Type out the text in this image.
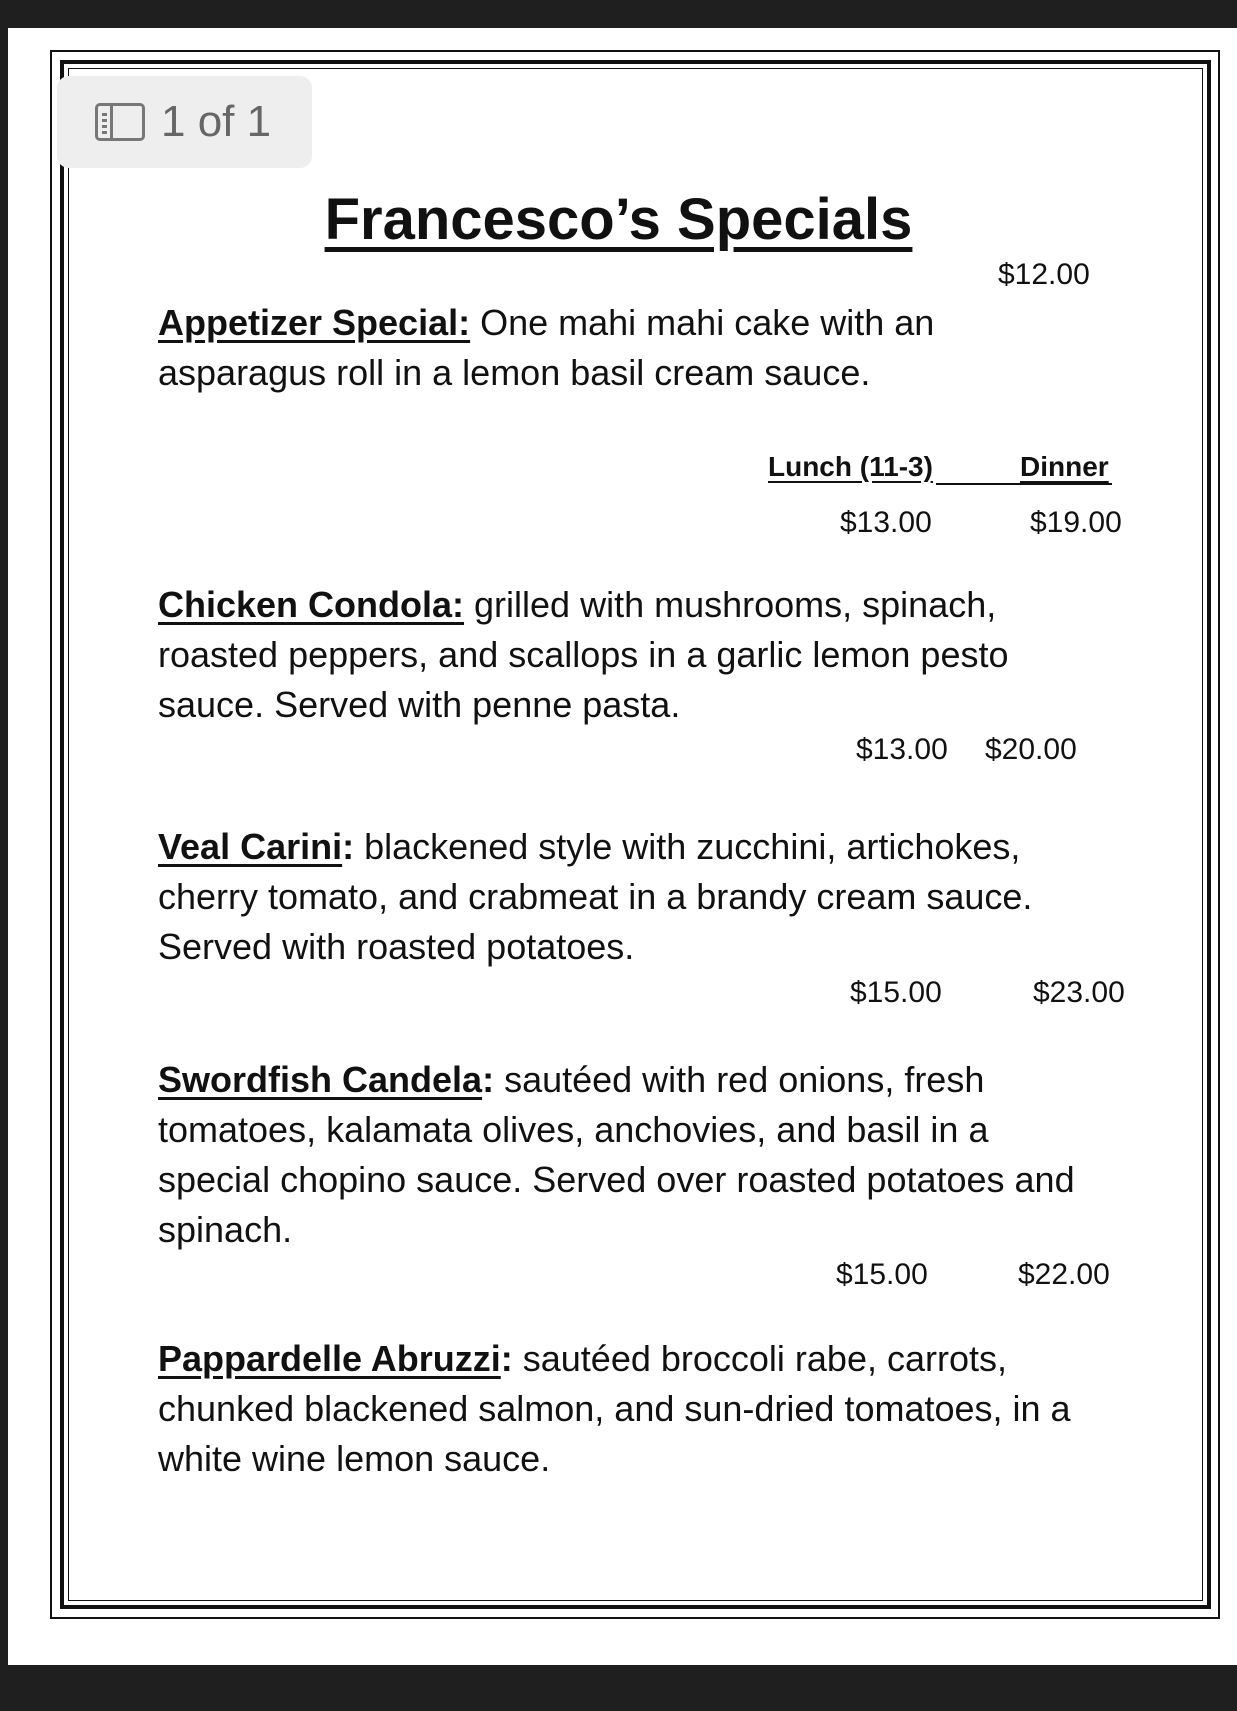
1 of 1
Francesco’s Specials
$12.00
Appetizer Special: One mahi mahi cake with an
asparagus roll in a lemon basil cream sauce.
Lunch (11-3)	Dinner
$13.00	$19.00
Chicken Condola: grilled with mushrooms, spinach,
roasted peppers, and scallops in a garlic lemon pesto
sauce. Served with penne pasta.
$13.00 $20.00
Veal Carini: blackened style with zucchini, artichokes,
cherry tomato, and crabmeat in a brandy cream sauce.
Served with roasted potatoes.
$15.00	$23.00
Swordfish Candela: sautéed with red onions, fresh
tomatoes, kalamata olives, anchovies, and basil in a
special chopino sauce. Served over roasted potatoes and
spinach.
$15.00	$22.00
Pappardelle Abruzzi: sautéed broccoli rabe, carrots,
chunked blackened salmon, and sun-dried tomatoes, in a
white wine lemon sauce.
